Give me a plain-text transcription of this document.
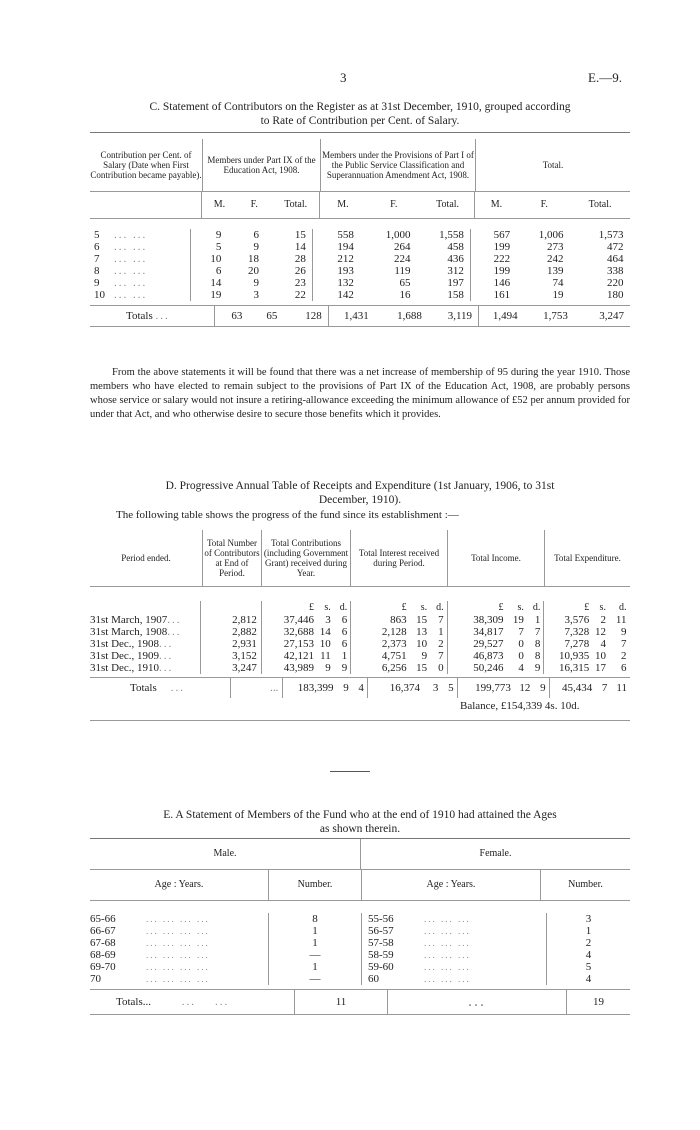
3	E.—9.
C. Statement of Contributors on the Register as at 31st December, 1910, grouped according
to Rate of Contribution per Cent. of Salary.
Contribution per Cent. of Salary (Date when First Contribution became payable).	Members under Part IX of the Education Act, 1908.	Members under the Provisions of Part I of the Public Service Classification and Superannuation Amendment Act, 1908.	Total.
	M.	F.	Total.	M.	F.	Total.	M.	F.	Total.
5 ... ...	9	6	15	558	1,000	1,558	567	1,006	1,573
6 ... ...	5	9	14	194	264	458	199	273	472
7 ... ...	10	18	28	212	224	436	222	242	464
8 ... ...	6	20	26	193	119	312	199	139	338
9 ... ...	14	9	23	132	65	197	146	74	220
10 ... ...	19	3	22	142	16	158	161	19	180
Totals ...	63	65	128	1,431	1,688	3,119	1,494	1,753	3,247
From the above statements it will be found that there was a net increase of membership of 95 during the year 1910. Those members who have elected to remain subject to the provisions of Part IX of the Education Act, 1908, are probably persons whose service or salary would not insure a retiring-allowance exceeding the minimum allowance of £52 per annum provided for under that Act, and who otherwise desire to secure those benefits which it provides.
D. Progressive Annual Table of Receipts and Expenditure (1st January, 1906, to 31st
December, 1910).
The following table shows the progress of the fund since its establishment :—
Period ended.	Total Number of Contributors at End of Period.	Total Contributions (including Government Grant) received during Year.	Total Interest received during Period.	Total Income.	Total Expenditure.
		£	s.	d.	£	s.	d.	£	s.	d.	£	s.	d.
31st March, 1907...	2,812	37,446	3	6	863	15	7	38,309	19	1	3,576	2	11
31st March, 1908...	2,882	32,688	14	6	2,128	13	1	34,817	7	7	7,328	12	9
31st Dec., 1908...	2,931	27,153	10	6	2,373	10	2	29,527	0	8	7,278	4	7
31st Dec., 1909...	3,152	42,121	11	1	4,751	9	7	46,873	0	8	10,935	10	2
31st Dec., 1910...	3,247	43,989	9	9	6,256	15	0	50,246	4	9	16,315	17	6
Totals ...	...	183,399	9	4	16,374	3	5	199,773	12	9	45,434	7	11
Balance, £154,339 4s. 10d.
E. A Statement of Members of the Fund who at the end of 1910 had attained the Ages
as shown therein.
Male.	Female.
Age : Years.	Number.	Age : Years.	Number.
65-66 ... ... ... ...	8	55-56 ... ... ...	3
66-67 ... ... ... ...	1	56-57 ... ... ...	1
67-68 ... ... ... ...	1	57-58 ... ... ...	2
68-69 ... ... ... ...	—	58-59 ... ... ...	4
69-70 ... ... ... ...	1	59-60 ... ... ...	5
70 ... ... ... ...	—	60 ... ... ...	4
Totals...	...    ...	11	...	19
